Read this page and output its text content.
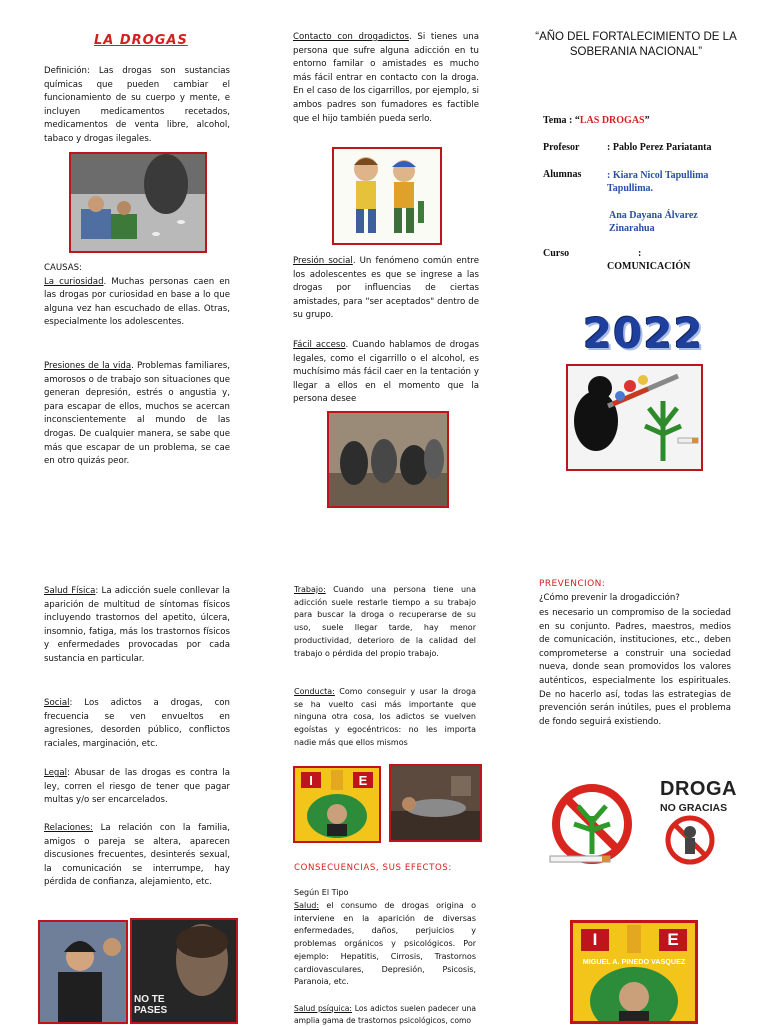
LA DROGAS

Definición: Las drogas son sustancias químicas que pueden cambiar el funcionamiento de su cuerpo y mente, e incluyen medicamentos recetados, medicamentos de venta libre, alcohol, tabaco y drogas ilegales.

CAUSAS:
La curiosidad. Muchas personas caen en las drogas por curiosidad en base a lo que alguna vez han escuchado de ellas. Otras, especialmente los adolescentes.

Presiones de la vida. Problemas familiares, amorosos o de trabajo son situaciones que generan depresión, estrés o angustia y, para escapar de ellos, muchos se acercan inconscientemente al mundo de las drogas. De cualquier manera, se sabe que más que escapar de un problema, se cae en otro quizás peor.

Contacto con drogadictos. Si tienes una persona que sufre alguna adicción en tu entorno familar o amistades es mucho más fácil entrar en contacto con la droga. En el caso de los cigarrillos, por ejemplo, si ambos padres son fumadores es factible que el hijo también pueda serlo.

Presión social. Un fenómeno común entre los adolescentes es que se ingrese a las drogas por influencias de ciertas amistades, para "ser aceptados" dentro de su grupo.

Fácil acceso. Cuando hablamos de drogas legales, como el cigarrillo o el alcohol, es muchísimo más fácil caer en la tentación y llegar a ellos en el momento que la persona desee

“AÑO DEL FORTALECIMIENTO DE LA SOBERANIA NACIONAL”
Tema : “LAS DROGAS”
Profesor	: Pablo Perez Pariatanta
Alumnas	: Kiara Nicol Tapullima Tapullima.
Ana Dayana Álvarez Zinarahua
Curso	:
COMUNICACIÓN
2022

Salud Física: La adicción suele conllevar la aparición de multitud de síntomas físicos incluyendo trastornos del apetito, úlcera, insomnio, fatiga, más los trastornos físicos y enfermedades provocadas por cada sustancia en particular.

Social: Los adictos a drogas, con frecuencia se ven envueltos en agresiones, desorden público, conflictos raciales, marginación, etc.

Legal: Abusar de las drogas es contra la ley, corren el riesgo de tener que pagar multas y/o ser encarcelados.

Relaciones: La relación con la familia, amigos o pareja se altera, aparecen discusiones frecuentes, desinterés sexual, la comunicación se interrumpe, hay pérdida de confianza, alejamiento, etc.

NO TE PASES

Trabajo: Cuando una persona tiene una adicción suele restarle tiempo a su trabajo para buscar la droga o recuperarse de su uso, suele llegar tarde, hay menor productividad, deterioro de la calidad del trabajo o pérdida del propio trabajo.

Conducta: Como conseguir y usar la droga se ha vuelto casi más importante que ninguna otra cosa, los adictos se vuelven egoístas y egocéntricos: no les importa nadie más que ellos mismos

I	E
CONSECUENCIAS, SUS EFECTOS:
Según El Tipo

Salud: el consumo de drogas origina o interviene en la aparición de diversas enfermedades, daños, perjuicios y problemas orgánicos y psicológicos. Por ejemplo: Hepatitis, Cirrosis, Trastornos cardiovasculares, Depresión, Psicosis, Paranoia, etc.

Salud psíquica: Los adictos suelen padecer una amplia gama de trastornos psicológicos, como

PREVENCION:
¿Cómo prevenir la drogadicción?

es necesario un compromiso de la sociedad en su conjunto. Padres, maestros, medios de comunicación, instituciones, etc., deben comprometerse a construir una sociedad nueva, donde sean promovidos los valores auténticos, especialmente los espirituales. De no hacerlo así, todas las estrategias de prevención serán inútiles, pues el problema de fondo seguirá existiendo.

DROGA
NO GRACIAS
I	E
MIGUEL A. PINEDO VASQUEZ
